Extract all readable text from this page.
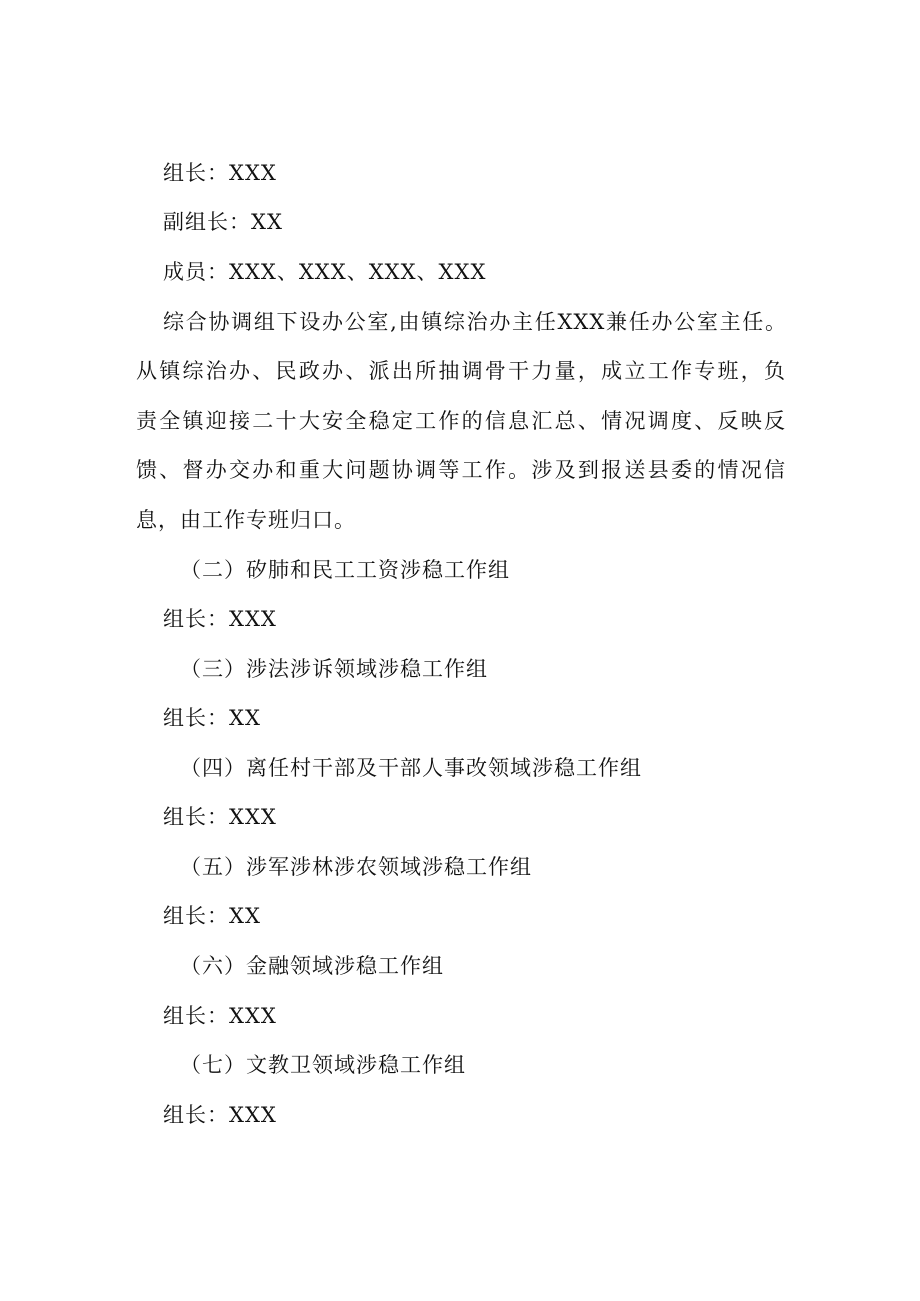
组长：XXX
副组长：XX
成员：XXX、XXX、XXX、XXX
综合协调组下设办公室,由镇综治办主任XXX兼任办公室主任。
从镇综治办、民政办、派出所抽调骨干力量，成立工作专班，负
责全镇迎接二十大安全稳定工作的信息汇总、情况调度、反映反
馈、督办交办和重大问题协调等工作。涉及到报送县委的情况信
息，由工作专班归口。
（二）矽肺和民工工资涉稳工作组
组长：XXX
（三）涉法涉诉领域涉稳工作组
组长：XX
（四）离任村干部及干部人事改领域涉稳工作组
组长：XXX
（五）涉军涉林涉农领域涉稳工作组
组长：XX
（六）金融领域涉稳工作组
组长：XXX
（七）文教卫领域涉稳工作组
组长：XXX
